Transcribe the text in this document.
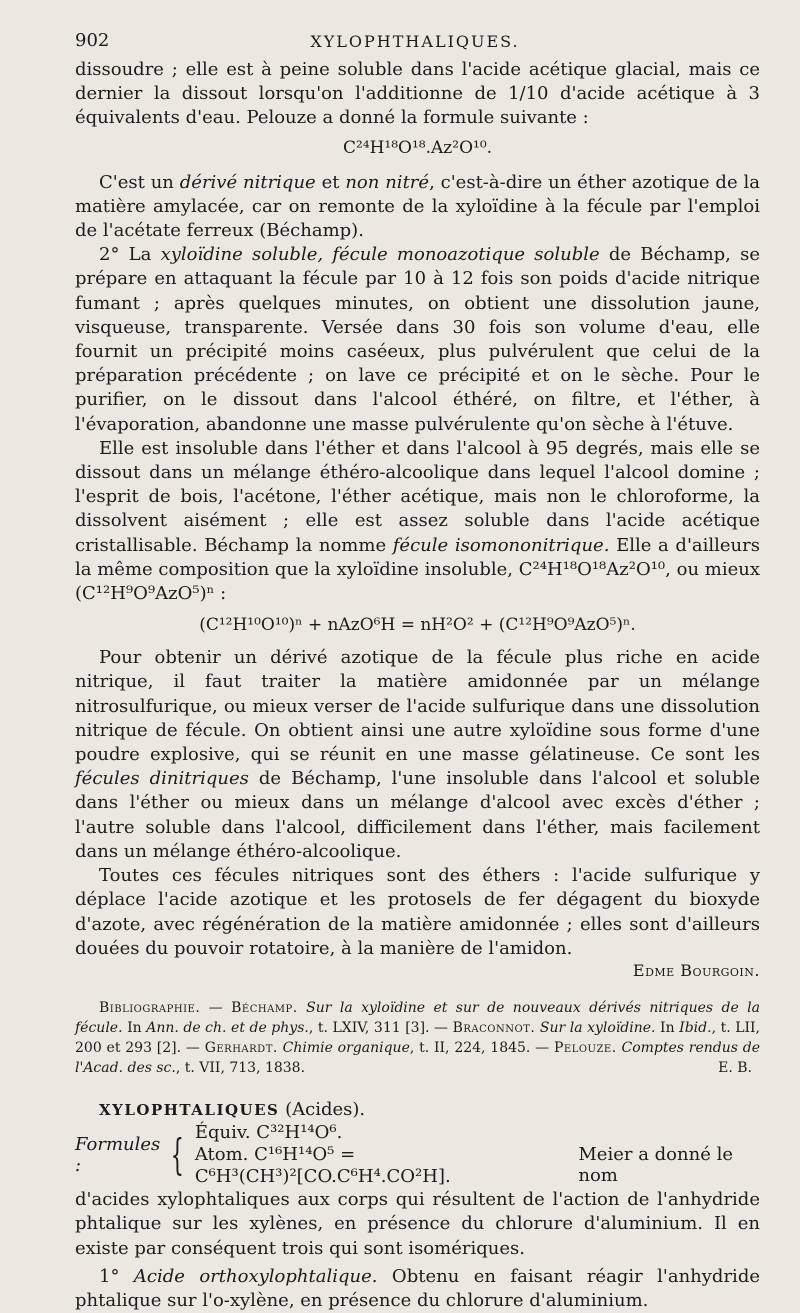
902	XYLOPHTHALIQUES.

dissoudre ; elle est à peine soluble dans l'acide acétique glacial, mais ce dernier la dissout lorsqu'on l'additionne de 1/10 d'acide acétique à 3 équivalents d'eau. Pelouze a donné la formule suivante :

C²⁴H¹⁸O¹⁸.Az²O¹⁰.

C'est un dérivé nitrique et non nitré, c'est-à-dire un éther azotique de la matière amylacée, car on remonte de la xyloïdine à la fécule par l'emploi de l'acétate ferreux (Béchamp).

2° La xyloïdine soluble, fécule monoazotique soluble de Béchamp, se prépare en attaquant la fécule par 10 à 12 fois son poids d'acide nitrique fumant ; après quelques minutes, on obtient une dissolution jaune, visqueuse, transparente. Versée dans 30 fois son volume d'eau, elle fournit un précipité moins caséeux, plus pulvérulent que celui de la préparation précédente ; on lave ce précipité et on le sèche. Pour le purifier, on le dissout dans l'alcool éthéré, on filtre, et l'éther, à l'évaporation, abandonne une masse pulvérulente qu'on sèche à l'étuve.

Elle est insoluble dans l'éther et dans l'alcool à 95 degrés, mais elle se dissout dans un mélange éthéro-alcoolique dans lequel l'alcool domine ; l'esprit de bois, l'acétone, l'éther acétique, mais non le chloroforme, la dissolvent aisément ; elle est assez soluble dans l'acide acétique cristallisable. Béchamp la nomme fécule isomononitrique. Elle a d'ailleurs la même composition que la xyloïdine insoluble, C²⁴H¹⁸O¹⁸Az²O¹⁰, ou mieux (C¹²H⁹O⁹AzO⁵)ⁿ :

(C¹²H¹⁰O¹⁰)ⁿ + nAzO⁶H = nH²O² + (C¹²H⁹O⁹AzO⁵)ⁿ.

Pour obtenir un dérivé azotique de la fécule plus riche en acide nitrique, il faut traiter la matière amidonnée par un mélange nitrosulfurique, ou mieux verser de l'acide sulfurique dans une dissolution nitrique de fécule. On obtient ainsi une autre xyloïdine sous forme d'une poudre explosive, qui se réunit en une masse gélatineuse. Ce sont les fécules dinitriques de Béchamp, l'une insoluble dans l'alcool et soluble dans l'éther ou mieux dans un mélange d'alcool avec excès d'éther ; l'autre soluble dans l'alcool, difficilement dans l'éther, mais facilement dans un mélange éthéro-alcoolique.

Toutes ces fécules nitriques sont des éthers : l'acide sulfurique y déplace l'acide azotique et les protosels de fer dégagent du bioxyde d'azote, avec régénération de la matière amidonnée ; elles sont d'ailleurs douées du pouvoir rotatoire, à la manière de l'amidon.

Edme Bourgoin.

Bibliographie. — Béchamp. Sur la xyloïdine et sur de nouveaux dérivés nitriques de la fécule. In Ann. de ch. et de phys., t. LXIV, 311 [3]. — Braconnot. Sur la xyloïdine. In Ibid., t. LII, 200 et 293 [2]. — Gerhardt. Chimie organique, t. II, 224, 1845. — Pelouze. Comptes rendus de l'Acad. des sc., t. VII, 713, 1838.	E. B.

XYLOPHTALIQUES (Acides).

Formules :	{ Équiv. C³²H¹⁴O⁶.
Atom. C¹⁶H¹⁴O⁵ = C⁶H³(CH³)²[CO.C⁶H⁴.CO²H].
Meier a donné le nom

d'acides xylophtaliques aux corps qui résultent de l'action de l'anhydride phtalique sur les xylènes, en présence du chlorure d'aluminium. Il en existe par conséquent trois qui sont isomériques.

1° Acide orthoxylophtalique. Obtenu en faisant réagir l'anhydride phtalique sur l'o-xylène, en présence du chlorure d'aluminium.
